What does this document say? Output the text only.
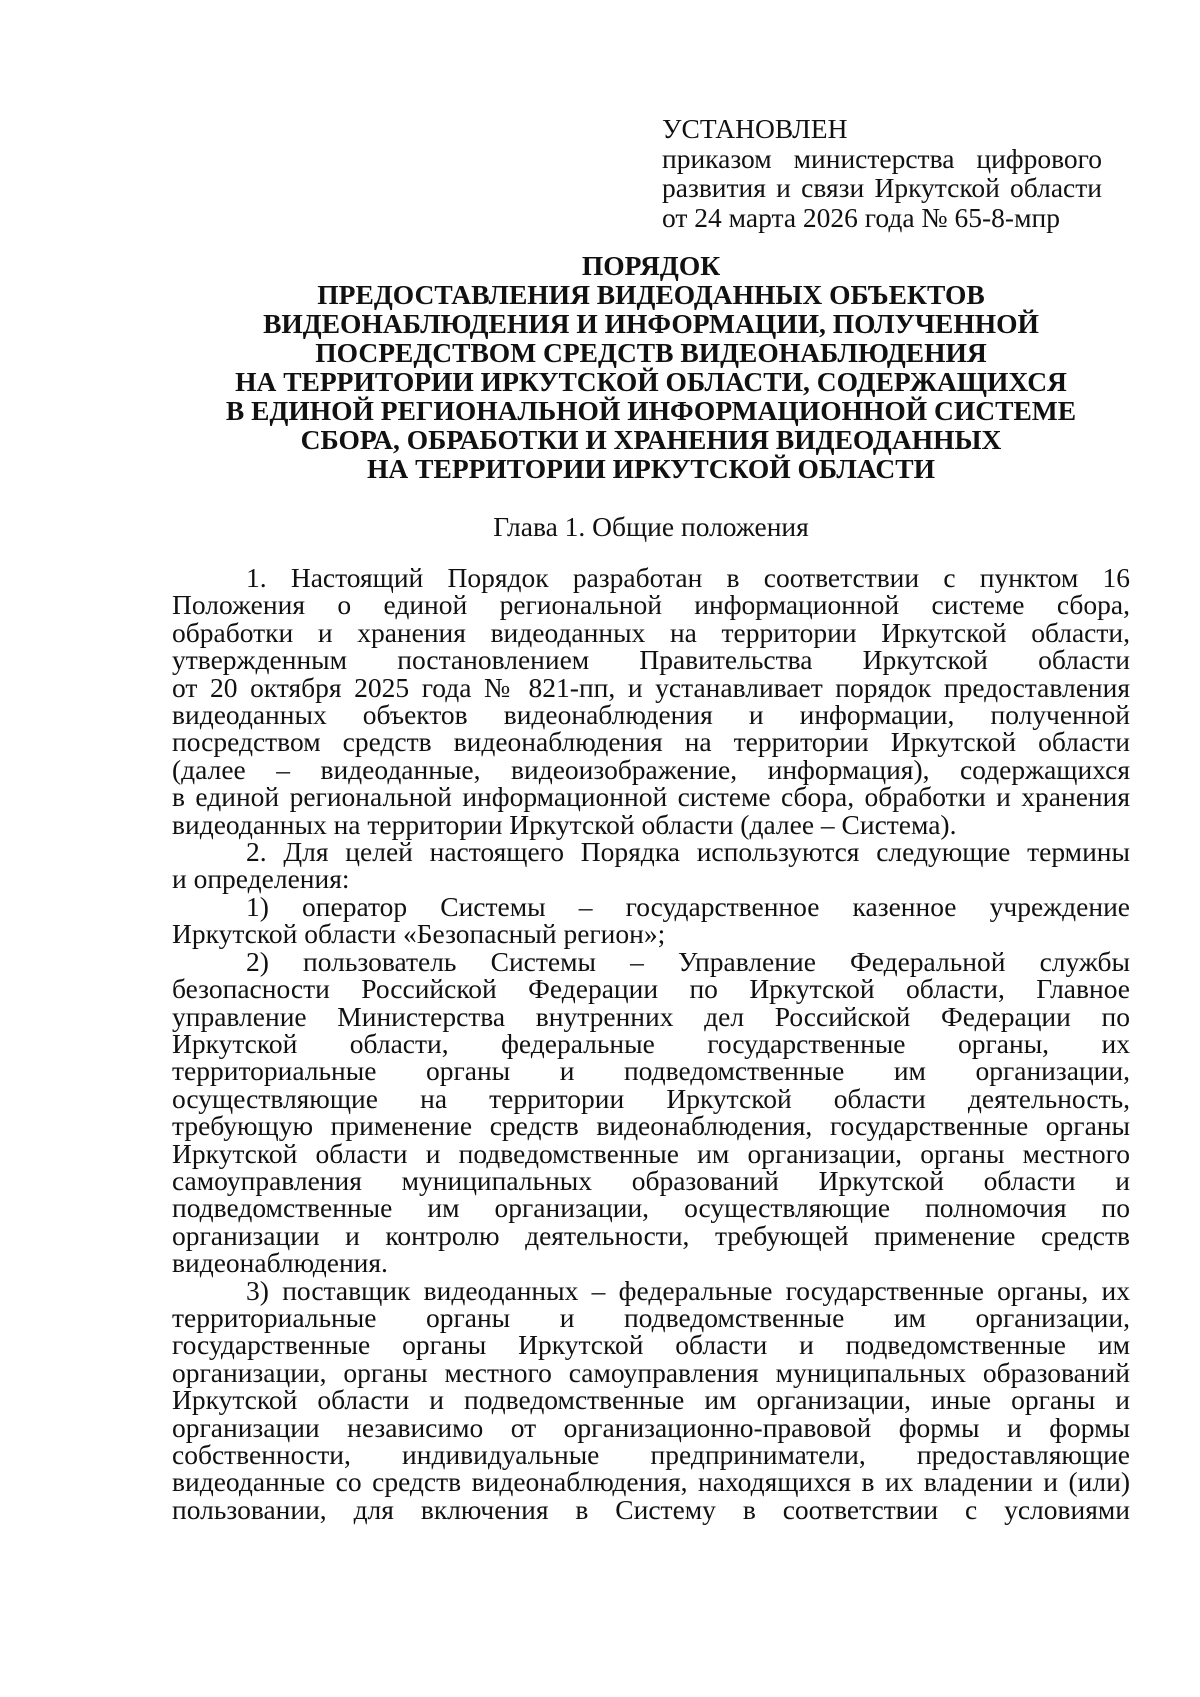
УСТАНОВЛЕН
приказом министерства цифрового
развития и связи Иркутской области
от 24 марта 2026 года № 65-8-мпр
ПОРЯДОК
ПРЕДОСТАВЛЕНИЯ ВИДЕОДАННЫХ ОБЪЕКТОВ
ВИДЕОНАБЛЮДЕНИЯ И ИНФОРМАЦИИ, ПОЛУЧЕННОЙ
ПОСРЕДСТВОМ СРЕДСТВ ВИДЕОНАБЛЮДЕНИЯ
НА ТЕРРИТОРИИ ИРКУТСКОЙ ОБЛАСТИ, СОДЕРЖАЩИХСЯ
В ЕДИНОЙ РЕГИОНАЛЬНОЙ ИНФОРМАЦИОННОЙ СИСТЕМЕ
СБОРА, ОБРАБОТКИ И ХРАНЕНИЯ ВИДЕОДАННЫХ
НА ТЕРРИТОРИИ ИРКУТСКОЙ ОБЛАСТИ
Глава 1. Общие положения
1. Настоящий Порядок разработан в соответствии с пунктом 16
Положения о единой региональной информационной системе сбора,
обработки и хранения видеоданных на территории Иркутской области,
утвержденным постановлением Правительства Иркутской области
от 20 октября 2025 года № 821-пп, и устанавливает порядок предоставления
видеоданных объектов видеонаблюдения и информации, полученной
посредством средств видеонаблюдения на территории Иркутской области
(далее – видеоданные, видеоизображение, информация), содержащихся
в единой региональной информационной системе сбора, обработки и хранения
видеоданных на территории Иркутской области (далее – Система).
2. Для целей настоящего Порядка используются следующие термины
и определения:
1) оператор Системы – государственное казенное учреждение
Иркутской области «Безопасный регион»;
2) пользователь Системы – Управление Федеральной службы
безопасности Российской Федерации по Иркутской области, Главное
управление Министерства внутренних дел Российской Федерации по
Иркутской области, федеральные государственные органы, их
территориальные органы и подведомственные им организации,
осуществляющие на территории Иркутской области деятельность,
требующую применение средств видеонаблюдения, государственные органы
Иркутской области и подведомственные им организации, органы местного
самоуправления муниципальных образований Иркутской области и
подведомственные им организации, осуществляющие полномочия по
организации и контролю деятельности, требующей применение средств
видеонаблюдения.
3) поставщик видеоданных – федеральные государственные органы, их
территориальные органы и подведомственные им организации,
государственные органы Иркутской области и подведомственные им
организации, органы местного самоуправления муниципальных образований
Иркутской области и подведомственные им организации, иные органы и
организации независимо от организационно-правовой формы и формы
собственности, индивидуальные предприниматели, предоставляющие
видеоданные со средств видеонаблюдения, находящихся в их владении и (или)
пользовании, для включения в Систему в соответствии с условиями
